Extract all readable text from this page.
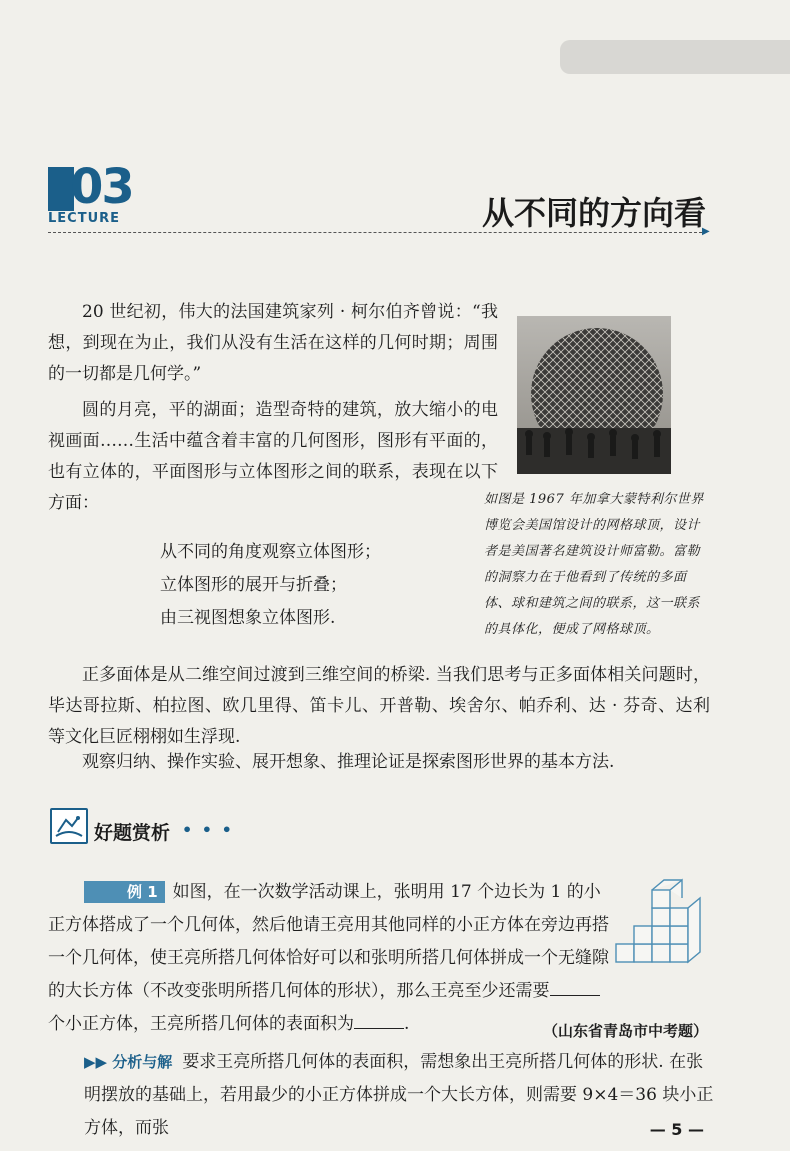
03
LECTURE	从不同的方向看
▶

20 世纪初，伟大的法国建筑家列 · 柯尔伯齐曾说：“我想，到现在为止，我们从没有生活在这样的几何时期；周围的一切都是几何学。”

圆的月亮，平的湖面；造型奇特的建筑，放大缩小的电视画面……生活中蕴含着丰富的几何图形，图形有平面的，也有立体的，平面图形与立体图形之间的联系，表现在以下方面：

从不同的角度观察立体图形；
立体图形的展开与折叠；
由三视图想象立体图形.
如图是 1967 年加拿大蒙特利尔世界博览会美国馆设计的网格球顶，设计者是美国著名建筑设计师富勒。富勒的洞察力在于他看到了传统的多面体、球和建筑之间的联系，这一联系的具体化，便成了网格球顶。

正多面体是从二维空间过渡到三维空间的桥梁. 当我们思考与正多面体相关问题时，毕达哥拉斯、柏拉图、欧几里得、笛卡儿、开普勒、埃舍尔、帕乔利、达 · 芬奇、达利等文化巨匠栩栩如生浮现.

观察归纳、操作实验、展开想象、推理论证是探索图形世界的基本方法.

好题赏析 • • •

例 1 如图，在一次数学活动课上，张明用 17 个边长为 1 的小正方体搭成了一个几何体，然后他请王亮用其他同样的小正方体在旁边再搭一个几何体，使王亮所搭几何体恰好可以和张明所搭几何体拼成一个无缝隙的大长方体（不改变张明所搭几何体的形状），那么王亮至少还需要个小正方体，王亮所搭几何体的表面积为	.	（山东省青岛市中考题）

▶▶ 分析与解 要求王亮所搭几何体的表面积，需想象出王亮所搭几何体的形状. 在张明摆放的基础上，若用最少的小正方体拼成一个大长方体，则需要 9×4＝36 块小正方体，而张	— 5 —
